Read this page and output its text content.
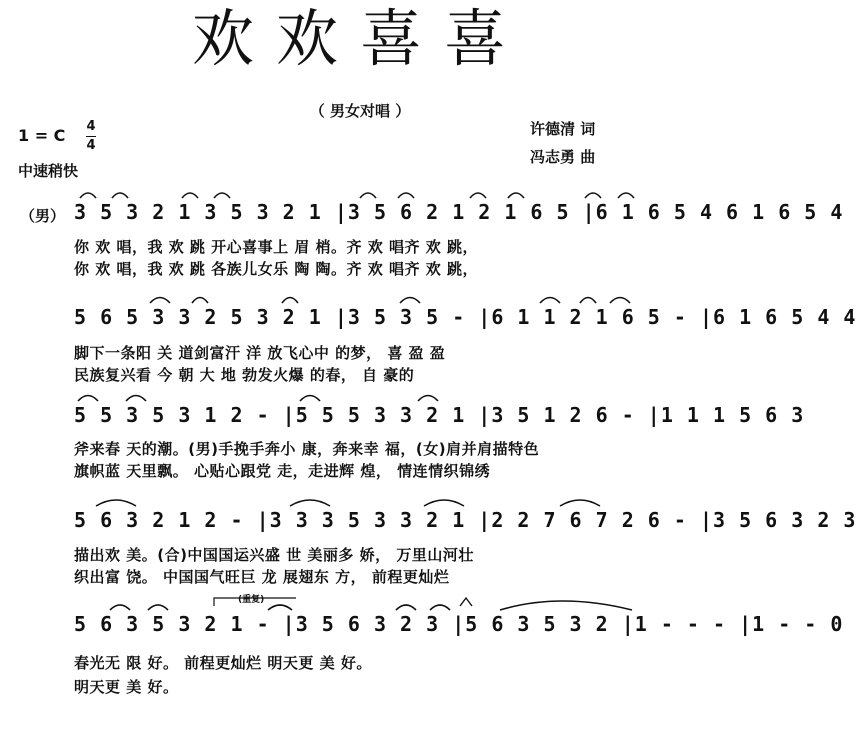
欢欢喜喜
（ 男女对唱 ）
1 = C 4
4
中速稍快
许德清 词
冯志勇 曲
（男） 3 5 3 2 1 3 5 3 2 1 |3 5 6 2 1 2 1 6 5 |6 1 6 5 4 6 1 6 5 4
你 欢 唱，我 欢 跳 开心喜事上 眉 梢。齐 欢 唱齐 欢 跳，
你 欢 唱，我 欢 跳 各族儿女乐 陶 陶。齐 欢 唱齐 欢 跳，
5 6 5 3 3 2 5 3 2 1 |3 5 3 5 - |6 1 1 2 1 6 5 - |6 1 6 5 4 4
脚下一条阳 关 道剑富汗 洋 放飞心中 的梦， 喜 盈 盈
民族复兴看 今 朝 大 地 勃发火爆 的春， 自 豪的
5 5 3 5 3 1 2 - |5 5 5 3 3 2 1 |3 5 1 2 6 - |1 1 1 5 6 3
斧来春 天的潮。(男)手挽手奔小 康，奔来幸 福，(女)肩并肩描特色
旗帜蓝 天里飘。 心贴心跟党 走，走进辉 煌， 情连情织锦绣
5 6 3 2 1 2 - |3 3 3 5 3 3 2 1 |2 2 7 6 7 2 6 - |3 5 6 3 2 3
描出欢 美。(合)中国国运兴盛 世 美丽多 娇， 万里山河壮
织出富 饶。 中国国气旺巨 龙 展翅东 方， 前程更灿烂
(重复)
5 6 3 5 3 2 1 - |3 5 6 3 2 3 |5 6 3 5 3 2 |1 - - - |1 - - 0
春光无 限 好。 前程更灿烂 明天更 美 好。
明天更 美 好。
